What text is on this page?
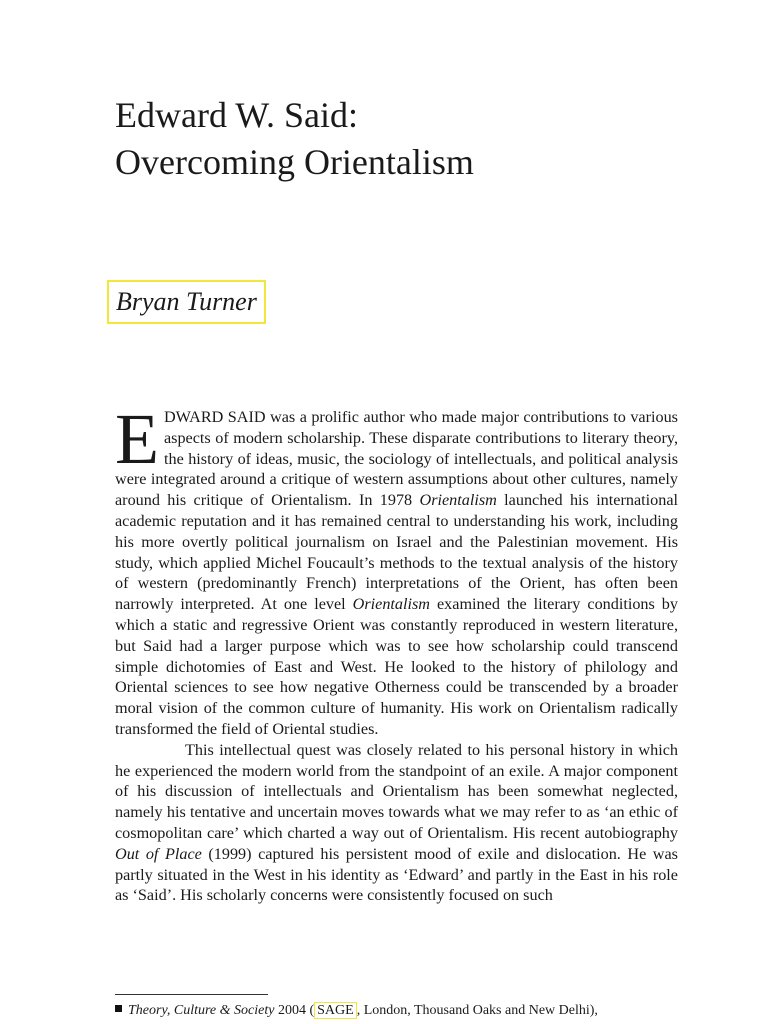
Edward W. Said:
Overcoming Orientalism
Bryan Turner

EDWARD SAID was a prolific author who made major contributions to various aspects of modern scholarship. These disparate contributions to literary theory, the history of ideas, music, the sociology of intellectuals, and political analysis were integrated around a critique of western assumptions about other cultures, namely around his critique of Orientalism. In 1978 Orientalism launched his international academic reputation and it has remained central to understanding his work, including his more overtly political journalism on Israel and the Palestinian movement. His study, which applied Michel Foucault’s methods to the textual analysis of the history of western (predominantly French) interpretations of the Orient, has often been narrowly interpreted. At one level Orientalism examined the literary conditions by which a static and regressive Orient was constantly reproduced in western literature, but Said had a larger purpose which was to see how scholarship could transcend simple dichotomies of East and West. He looked to the history of philology and Oriental sciences to see how negative Otherness could be transcended by a broader moral vision of the common culture of humanity. His work on Orientalism radically transformed the field of Oriental studies.

This intellectual quest was closely related to his personal history in which he experienced the modern world from the standpoint of an exile. A major component of his discussion of intellectuals and Orientalism has been somewhat neglected, namely his tentative and uncertain moves towards what we may refer to as ‘an ethic of cosmopolitan care’ which charted a way out of Orientalism. His recent autobiography Out of Place (1999) captured his persistent mood of exile and dislocation. He was partly situated in the West in his identity as ‘Edward’ and partly in the East in his role as ‘Said’. His scholarly concerns were consistently focused on such

Theory, Culture & Society 2004 ( SAGE , London, Thousand Oaks and New Delhi),
